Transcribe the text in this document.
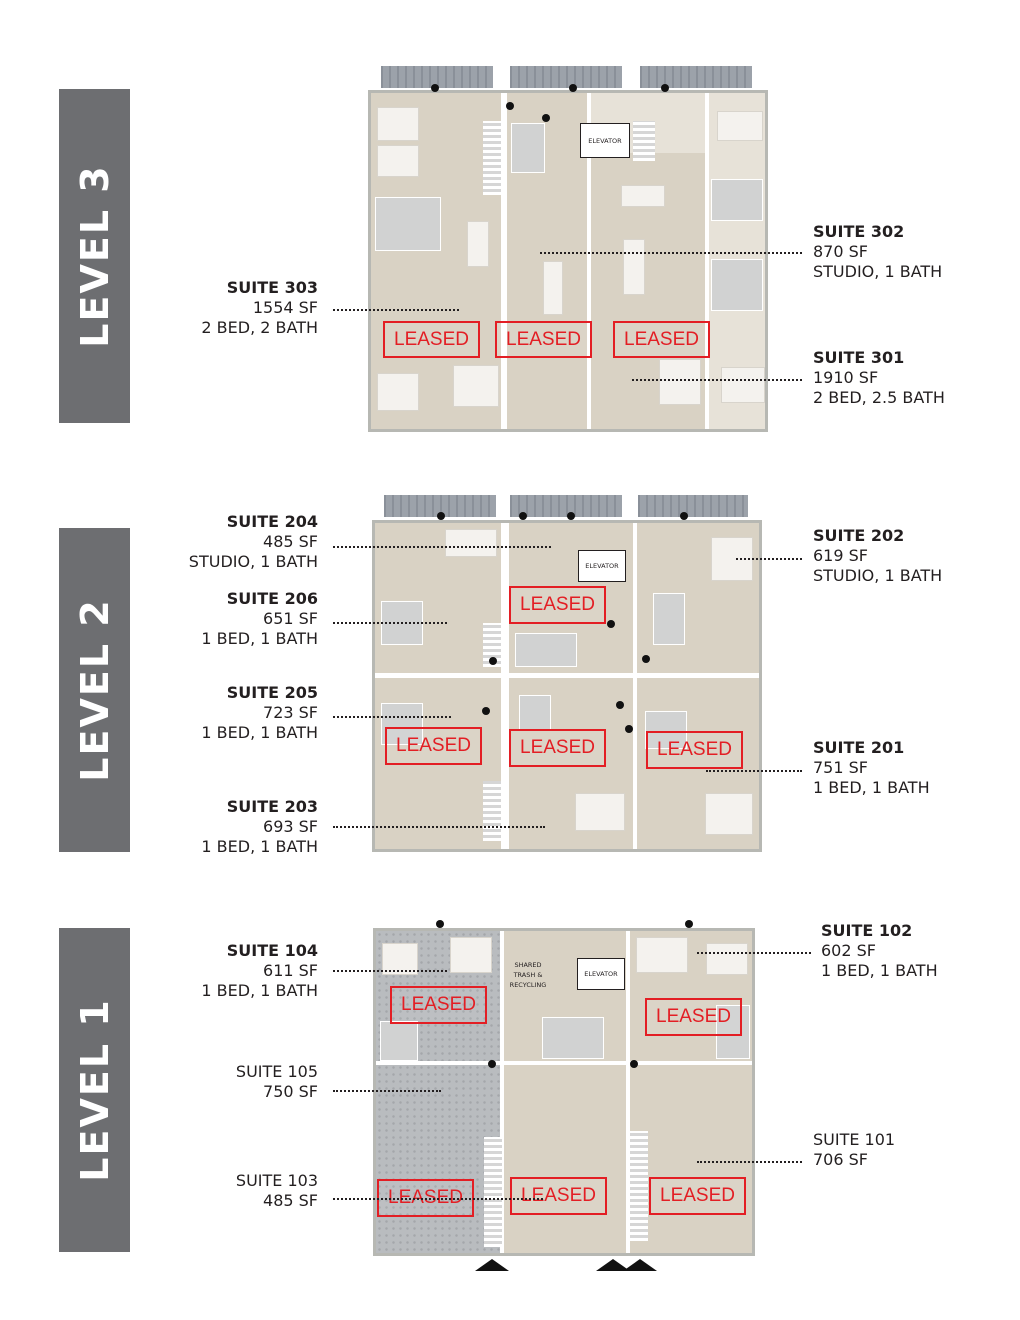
LEVEL 3
LEVEL 2
LEVEL 1
ELEVATOR
LEASED	LEASED	LEASED
ELEVATOR
LEASED
LEASED	LEASED	LEASED
SHARED TRASH & RECYCLING
ELEVATOR
LEASED
LEASED
LEASED	LEASED	LEASED
SUITE 303
1554 SF
2 BED, 2 BATH
SUITE 302
870 SF
STUDIO, 1 BATH
SUITE 301
1910 SF
2 BED, 2.5 BATH
SUITE 204
485 SF
STUDIO, 1 BATH
SUITE 206
651 SF
1 BED, 1 BATH
SUITE 205
723 SF
1 BED, 1 BATH
SUITE 203
693 SF
1 BED, 1 BATH
SUITE 202
619 SF
STUDIO, 1 BATH
SUITE 201
751 SF
1 BED, 1 BATH
SUITE 104
611 SF
1 BED, 1 BATH
SUITE 105
750 SF
SUITE 103
485 SF
SUITE 102
602 SF
1 BED, 1 BATH
SUITE 101
706 SF
